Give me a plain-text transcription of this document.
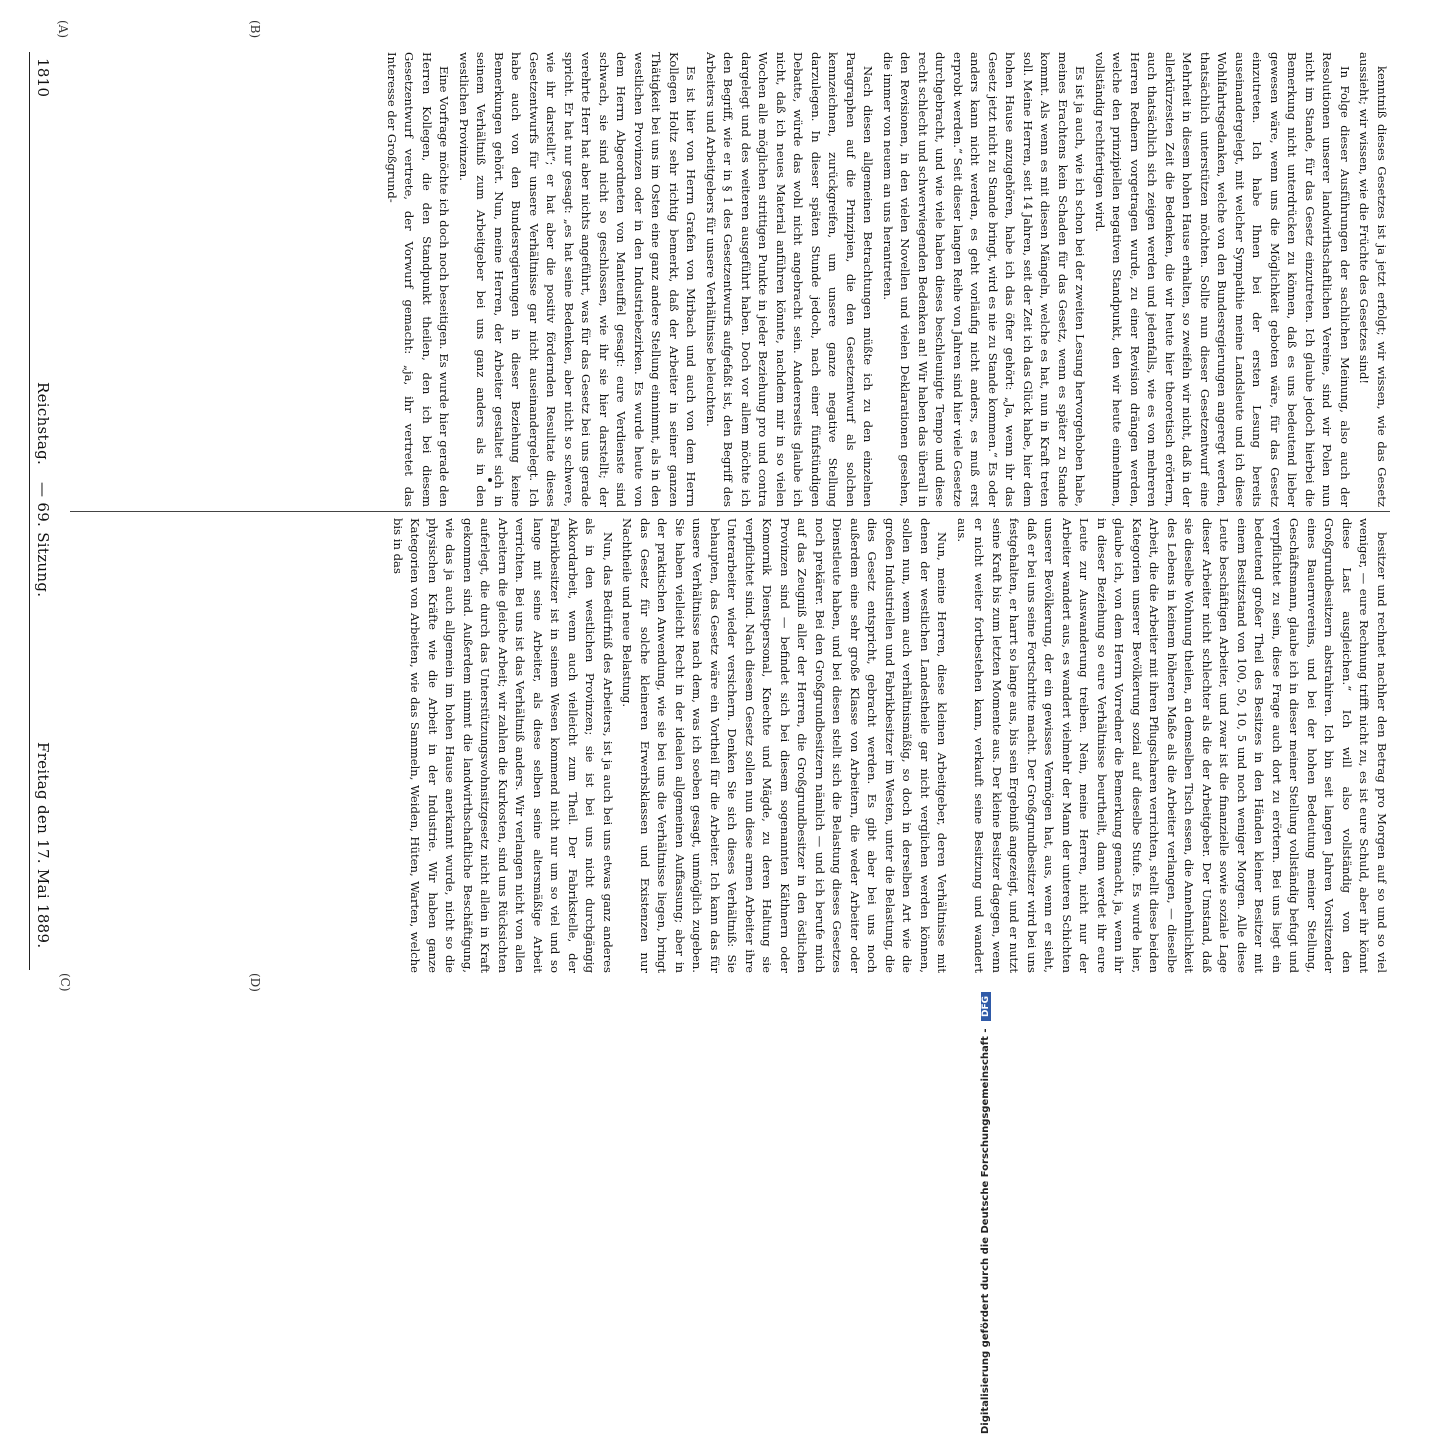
1810
Reichstag.
— 69. Sitzung.
Freitag den 17. Mai 1889.
(A)	(B)
(C)	(D)

kenntniß dieses Gesetzes ist ja jetzt erfolgt; wir wissen, wie das Gesetz aussieht; wir wissen, wie die Früchte des Gesetzes sind!

In Folge dieser Ausführungen der sachlichen Meinung, also auch der Resolutionen unserer landwirthschaftlichen Vereine, sind wir Polen nun nicht im Stande, für das Gesetz einzutreten. Ich glaube jedoch hierbei die Bemerkung nicht unterdrücken zu können, daß es uns bedeutend lieber gewesen wäre, wenn uns die Möglichkeit geboten wäre, für das Gesetz einzutreten. Ich habe Ihnen bei der ersten Lesung bereits auseinandergelegt, mit welcher Sympathie meine Landsleute und ich diese Wohlfahrtsgedanken, welche von den Bundesregierungen angeregt werden, thatsächlich unterstützen möchten. Sollte nun dieser Gesetzentwurf eine Mehrheit in diesem hohen Hause erhalten, so zweifeln wir nicht, daß in der allerkürzesten Zeit die Bedenken, die wir heute hier theoretisch erörtern, auch thatsächlich sich zeigen werden und jedenfalls, wie es von mehreren Herren Rednern vorgetragen wurde, zu einer Revision drängen werden, welche den prinzipiellen negativen Standpunkt, den wir heute einnehmen, vollständig rechtfertigen wird.

Es ist ja auch, wie ich schon bei der zweiten Lesung hervorgehoben habe, meines Erachtens kein Schaden für das Gesetz, wenn es später zu Stande kommt. Als wenn es mit diesen Mängeln, welche es hat, nun in Kraft treten soll. Meine Herren, seit 14 Jahren, seit der Zeit ich das Glück habe, hier dem hohen Hause anzugehören, habe ich das öfter gehört: „Ja, wenn ihr das Gesetz jetzt nicht zu Stande bringt, wird es nie zu Stande kommen.“ Es oder anders kann nicht werden, es geht vorläufig nicht anders, es muß erst erprobt werden.“ Seit dieser langen Reihe von Jahren sind hier viele Gesetze durchgebracht, und wie viele haben dieses beschleunigte Tempo und diese recht schlecht und schwerwiegenden Bedenken an! Wir haben das überall in den Revisionen, in den vielen Novellen und vielen Deklarationen gesehen, die immer von neuem an uns herantreten.

Nach diesen allgemeinen Betrachtungen müßte ich zu den einzelnen Paragraphen auf die Prinzipien, die den Gesetzentwurf als solchen kennzeichnen, zurückgreifen, um unsere ganze negative Stellung darzulegen. In dieser späten Stunde jedoch, nach einer fünfstündigen Debatte, würde das wohl nicht angebracht sein. Andererseits glaube ich nicht, daß ich neues Material anführen könnte, nachdem mir in so vielen Wochen alle möglichen strittigen Punkte in jeder Beziehung pro und contra dargelegt und des weiteren ausgeführt haben. Doch vor allem möchte ich den Begriff, wie er in § 1 des Gesetzentwurfs aufgefaßt ist, den Begriff des Arbeiters und Arbeitgebers für unsere Verhältnisse beleuchten.

Es ist hier von Herrn Grafen von Mirbach und auch von dem Herrn Kollegen Holtz sehr richtig bemerkt, daß der Arbeiter in seiner ganzen Thätigkeit bei uns im Osten eine ganz andere Stellung einnimmt, als in den westlichen Provinzen oder in den Industriebezirken. Es wurde heute von dem Herrn Abgeordneten von Manteuffel gesagt: eure Verdienste sind schwach, sie sind nicht so geschlossen, wie ihr sie hier darstellt; der verehrte Herr hat aber nichts angeführt, was für das Gesetz bei uns gerade spricht. Er hat nur gesagt: „es hat seine Bedenken, aber nicht so schwere, wie ihr darstellt“; er hat aber die positiv fördernden Resultate dieses Gesetzentwurfs für unsere Verhältnisse gar nicht auseinandergelegt. Ich habe auch von den Bundesregierungen in dieser Beziehung keine Bemerkungen gehört. Nun, meine Herren, der Arbeiter gestaltet sich in seinem Verhältniß zum Arbeitgeber bei uns ganz anders als in den westlichen Provinzen.

Eine Vorfrage möchte ich doch noch beseitigen. Es wurde hier gerade den Herren Kollegen, die den Standpunkt theilen, den ich bei diesem Gesetzentwurf vertrete, der Vorwurf gemacht: „ja, ihr vertretet das Interesse der Großgrund-

besitzer und rechnet nachher den Betrag pro Morgen auf so und so viel weniger, — eure Rechnung trifft nicht zu, es ist eure Schuld, aber ihr könnt diese Last ausgleichen.“ Ich will also vollständig von den Großgrundbesitzern abstrahiren. Ich bin seit langen Jahren Vorsitzender eines Bauernvereins, und bei der hohen Bedeutung meiner Stellung, Geschäftsmann, glaube ich in dieser meiner Stellung vollständig befugt und verpflichtet zu sein, diese Frage auch dort zu erörtern. Bei uns liegt ein bedeutend großer Theil des Besitzes in den Händen kleiner Besitzer mit einem Besitzstand von 100, 50, 10, 5 und noch weniger Morgen. Alle diese Leute beschäftigen Arbeiter, und zwar ist die finanzielle sowie soziale Lage dieser Arbeiter nicht schlechter als die der Arbeitgeber. Der Umstand, daß sie dieselbe Wohnung theilen, an demselben Tisch essen, die Annehmlichkeit des Lebens in keinem höheren Maße als die Arbeiter verlangen, — dieselbe Arbeit, die die Arbeiter mit ihren Pflugscharen verrichten, stellt diese beiden Kategorien unserer Bevölkerung sozial auf dieselbe Stufe. Es wurde hier, glaube ich, von dem Herrn Vorredner die Bemerkung gemacht, ja, wenn ihr in dieser Beziehung so eure Verhältnisse beurtheilt, dann werdet ihr eure Leute zur Auswanderung treiben. Nein, meine Herren, nicht nur der Arbeiter wandert aus, es wandert vielmehr der Mann der unteren Schichten unserer Bevölkerung, der ein gewisses Vermögen hat, aus, wenn er sieht, daß er bei uns seine Fortschritte macht. Der Großgrundbesitzer wird bei uns festgehalten, er harrt so lange aus, bis sein Ergebniß angezeigt, und er nutzt seine Kraft bis zum letzten Momente aus. Der kleine Besitzer dagegen, wenn er nicht weiter fortbestehen kann, verkauft seine Besitzung und wandert aus.

Nun, meine Herren, diese kleinen Arbeitgeber, deren Verhältnisse mit denen der westlichen Landestheile gar nicht verglichen werden können, sollen nun, wenn auch verhältnismäßig, so doch in derselben Art wie die großen Industriellen und Fabrikbesitzer im Westen, unter die Belastung, die dies Gesetz entspricht, gebracht werden. Es gibt aber bei uns noch außerdem eine sehr große Klasse von Arbeitern, die weder Arbeiter oder Dienstleute haben, und bei diesen stellt sich die Belastung dieses Gesetzes noch prekärer. Bei den Großgrundbesitzern nämlich — und ich berufe mich auf das Zeugniß aller der Herren, die Großgrundbesitzer in den östlichen Provinzen sind — befindet sich bei diesem sogenannten Käthnern oder Komornik Dienstpersonal, Knechte und Mägde, zu deren Haltung sie verpflichtet sind. Nach diesem Gesetz sollen nun diese armen Arbeiter ihre Unterarbeiter wieder versichern. Denken Sie sich dieses Verhältniß: Sie behaupten, das Gesetz wäre ein Vortheil für die Arbeiter. Ich kann das für unsere Verhältnisse nach dem, was ich soeben gesagt, unmöglich zugeben. Sie haben vielleicht Recht in der idealen allgemeinen Auffassung; aber in der praktischen Anwendung, wie sie bei uns die Verhältnisse liegen, bringt das Gesetz für solche kleineren Erwerbsklassen und Existenzen nur Nachtheile und neue Belastung.

Nun, das Bedürfniß des Arbeiters, ist ja auch bei uns etwas ganz anderes als in den westlichen Provinzen; sie ist bei uns nicht durchgängig Akkordarbeit, wenn auch vielleicht zum Theil. Der Fabrikstelle, der Fabrikbesitzer ist in seinem Wesen kommend nicht nur um so viel und so lange mit seine Arbeiter, als diese selben seine altersmäßige Arbeit verrichten. Bei uns ist das Verhältniß anders. Wir verlangen nicht von allen Arbeitern die gleiche Arbeit; wir zahlen die Kurkosten, sind uns Rücksichten auferlegt, die durch das Unterstützungswohnsitzgesetz nicht allein in Kraft gekommen sind. Außerdem nimmt die landwirthschaftliche Beschäftigung, wie das ja auch allgemein im hohen Hause anerkannt wurde, nicht so die physischen Kräfte wie die Arbeit in der Industrie. Wir haben ganze Kategorien von Arbeiten, wie das Sammeln, Weiden, Hüten, Warten, welche bis in das

Digitalisierung gefördert durch die Deutsche Forschungsgemeinschaft - DFG
